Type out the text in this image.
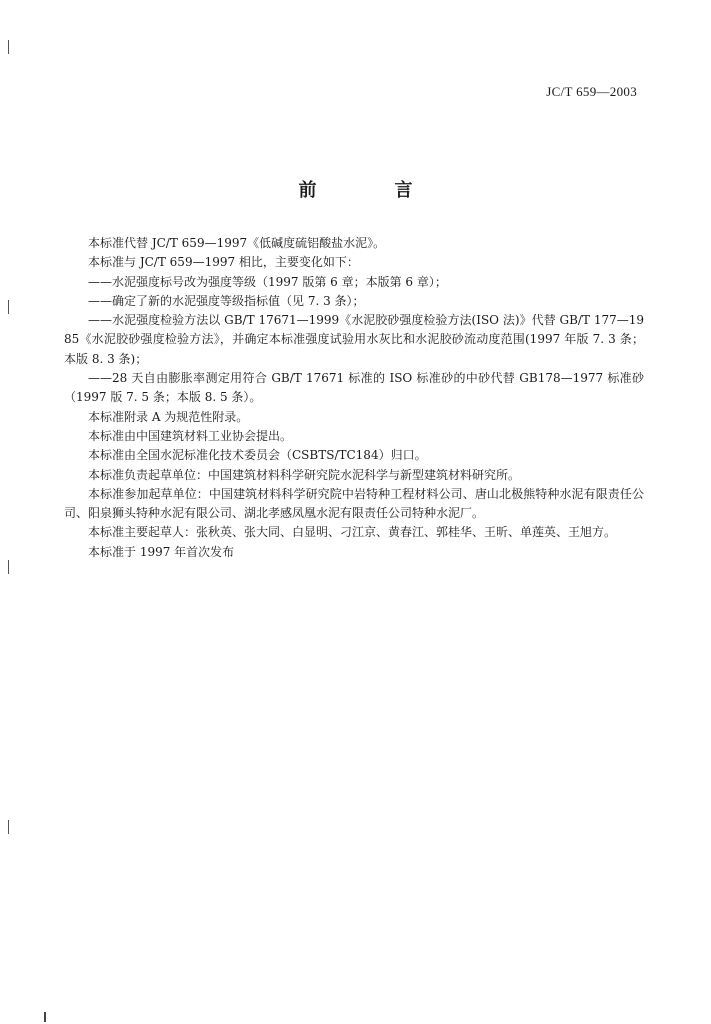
JC/T 659—2003
前　言

本标准代替 JC/T 659—1997《低碱度硫铝酸盐水泥》。

本标准与 JC/T 659—1997 相比，主要变化如下：

——水泥强度标号改为强度等级（1997 版第 6 章；本版第 6 章）；

——确定了新的水泥强度等级指标值（见 7. 3 条）；

——水泥强度检验方法以 GB/T 17671—1999《水泥胶砂强度检验方法(ISO 法)》代替 GB/T 177—1985《水泥胶砂强度检验方法》，并确定本标准强度试验用水灰比和水泥胶砂流动度范围(1997 年版 7. 3 条；本版 8. 3 条)；

——28 天自由膨胀率测定用符合 GB/T 17671 标准的 ISO 标准砂的中砂代替 GB178—1977 标准砂（1997 版 7. 5 条；本版 8. 5 条）。

本标准附录 A 为规范性附录。

本标准由中国建筑材料工业协会提出。

本标准由全国水泥标准化技术委员会（CSBTS/TC184）归口。

本标准负责起草单位：中国建筑材料科学研究院水泥科学与新型建筑材料研究所。

本标准参加起草单位：中国建筑材料科学研究院中岩特种工程材料公司、唐山北极熊特种水泥有限责任公司、阳泉狮头特种水泥有限公司、湖北孝感凤凰水泥有限责任公司特种水泥厂。

本标准主要起草人：张秋英、张大同、白显明、刁江京、黄春江、郭桂华、王昕、单莲英、王旭方。

本标准于 1997 年首次发布
